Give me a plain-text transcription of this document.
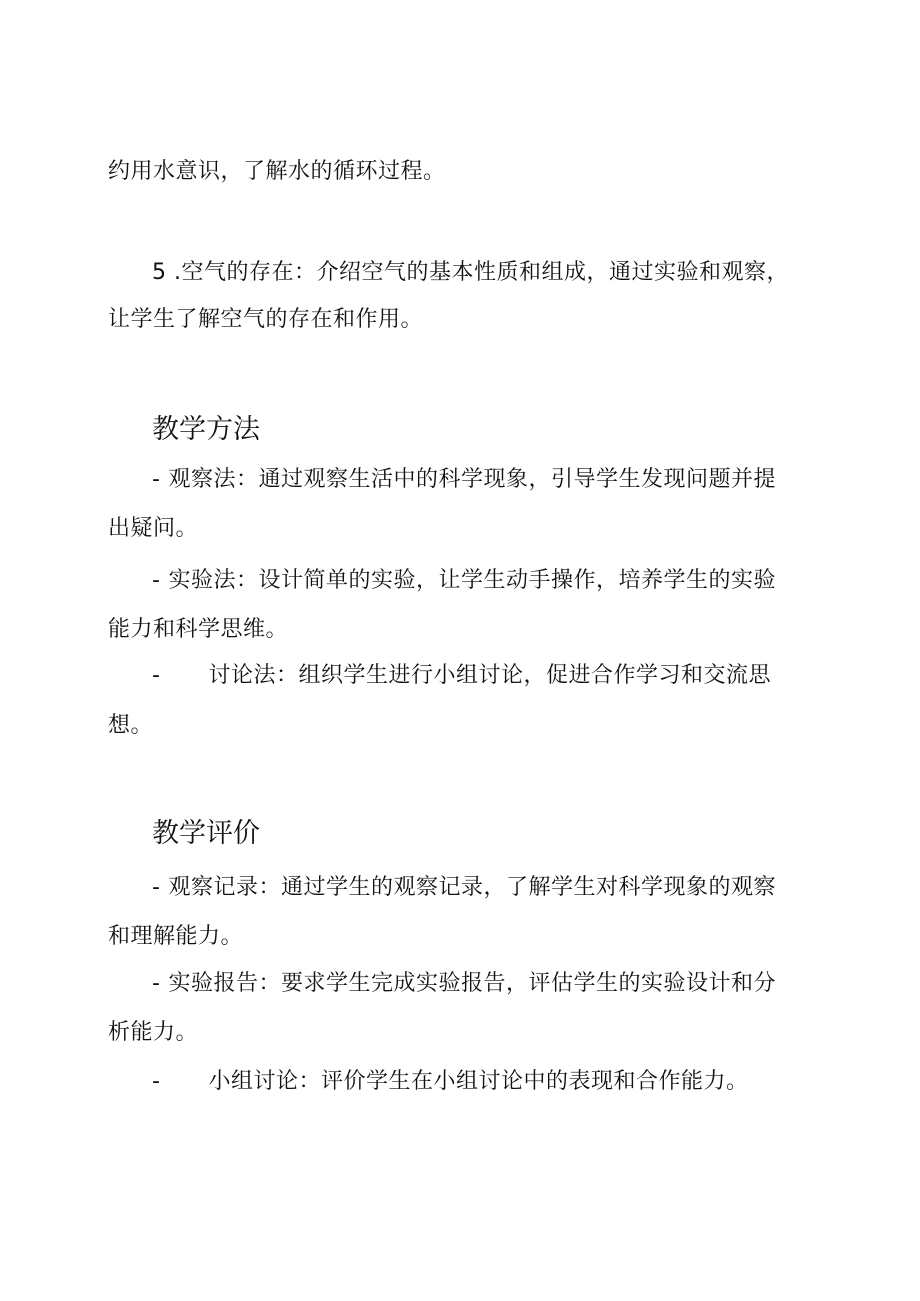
约用水意识，了解水的循环过程。
5 .空气的存在：介绍空气的基本性质和组成，通过实验和观察，
让学生了解空气的存在和作用。
教学方法
- 观察法：通过观察生活中的科学现象，引导学生发现问题并提
出疑问。
- 实验法：设计简单的实验，让学生动手操作，培养学生的实验
能力和科学思维。
- 讨论法：组织学生进行小组讨论，促进合作学习和交流思
想。
教学评价
- 观察记录：通过学生的观察记录，了解学生对科学现象的观察
和理解能力。
- 实验报告：要求学生完成实验报告，评估学生的实验设计和分
析能力。
- 小组讨论：评价学生在小组讨论中的表现和合作能力。
